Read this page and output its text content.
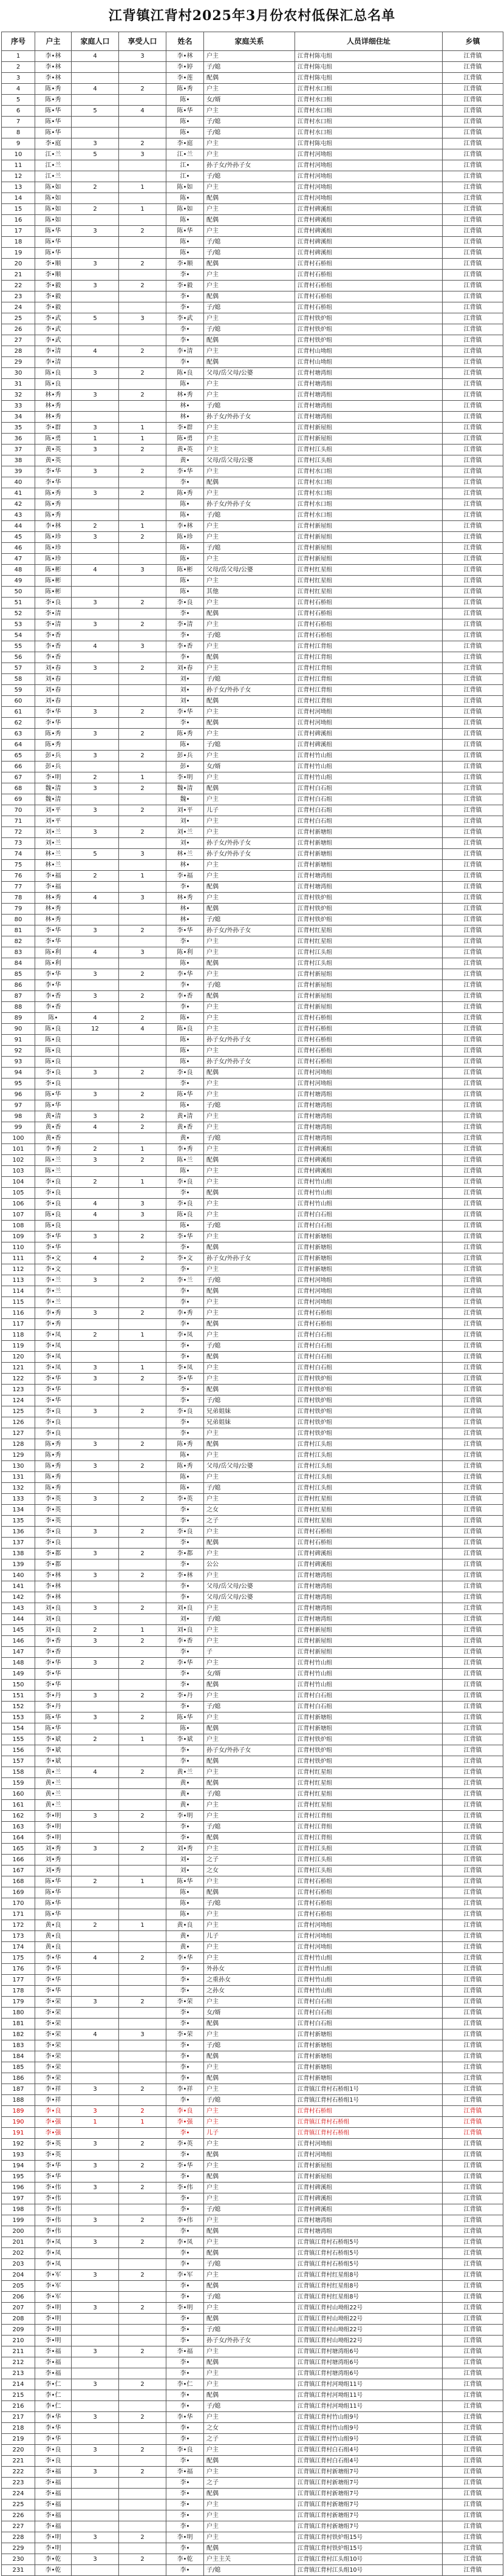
江背镇江背村2025年3月份农村低保汇总名单
序号	户主	家庭人口	享受人口	姓名	家庭关系	人员详细住址	乡镇
1	李•林	4	3	李•林	户主	江背村陈屯组	江背镇
2	李•林			李•婷	子/媳	江背村陈屯组	江背镇
3	李•林			李•莲	配偶	江背村陈屯组	江背镇
4	陈•秀	4	2	陈•秀	户主	江背村水口组	江背镇
5	陈•秀			陈•	女/婿	江背村水口组	江背镇
6	陈•华	5	4	陈•华	户主	江背村水口组	江背镇
7	陈•华			陈•	子/媳	江背村水口组	江背镇
8	陈•华			陈•	子/媳	江背村水口组	江背镇
9	李•庭	3	2	李•庭	户主	江背村陈屯组	江背镇
10	江•兰	5	3	江•兰	户主	江背村河坳组	江背镇
11	江•兰			江•	孙子女/外孙子女	江背村河坳组	江背镇
12	江•兰			江•	子/媳	江背村河坳组	江背镇
13	陈•如	2	1	陈•如	户主	江背村河坳组	江背镇
14	陈•如			陈•	配偶	江背村河坳组	江背镇
15	陈•如	2	1	陈•如	户主	江背村碑溪组	江背镇
16	陈•如			陈•	配偶	江背村碑溪组	江背镇
17	陈•华	3	2	陈•华	户主	江背村碑溪组	江背镇
18	陈•华			陈•	子/媳	江背村碑溪组	江背镇
19	陈•华			陈•	子/媳	江背村碑溪组	江背镇
20	李•顺	3	2	李•顺	配偶	江背村石桥组	江背镇
21	李•顺			李•	户主	江背村石桥组	江背镇
22	李•毅	3	2	李•毅	户主	江背村石桥组	江背镇
23	李•毅			李•	配偶	江背村石桥组	江背镇
24	李•毅			李•	子/媳	江背村石桥组	江背镇
25	李•武	5	3	李•武	户主	江背村铁炉组	江背镇
26	李•武			李•	子/媳	江背村铁炉组	江背镇
27	李•武			李•	配偶	江背村铁炉组	江背镇
28	李•清	4	2	李•清	户主	江背村山坳组	江背镇
29	李•清			李•	配偶	江背村山坳组	江背镇
30	陈•良	3	2	陈•良	父母/岳父母/公婆	江背村塘湾组	江背镇
31	陈•良			陈•	户主	江背村塘湾组	江背镇
32	林•秀	3	2	林•秀	户主	江背村塘湾组	江背镇
33	林•秀			林•	子/媳	江背村塘湾组	江背镇
34	林•秀			林•	孙子女/外孙子女	江背村塘湾组	江背镇
35	李•群	3	1	李•群	户主	江背村新屋组	江背镇
36	陈•勇	1	1	陈•勇	户主	江背村新屋组	江背镇
37	黄•英	3	2	黄•英	户主	江背村江头组	江背镇
38	黄•英			黄•	父母/岳父母/公婆	江背村江头组	江背镇
39	李•华	3	2	李•华	户主	江背村水口组	江背镇
40	李•华			李•	配偶	江背村水口组	江背镇
41	陈•秀	3	2	陈•秀	户主	江背村水口组	江背镇
42	陈•秀			陈•	孙子女/外孙子女	江背村水口组	江背镇
43	陈•秀			陈•	子/媳	江背村水口组	江背镇
44	李•林	2	1	李•林	户主	江背村新屋组	江背镇
45	陈•珍	3	2	陈•珍	户主	江背村新屋组	江背镇
46	陈•珍			陈•	子/媳	江背村新屋组	江背镇
47	陈•珍			陈•	户主	江背村新屋组	江背镇
48	陈•彬	4	3	陈•彬	父母/岳父母/公婆	江背村红星组	江背镇
49	陈•彬			陈•	户主	江背村红星组	江背镇
50	陈•彬			陈•	其他	江背村红星组	江背镇
51	李•良	3	2	李•良	户主	江背村石桥组	江背镇
52	李•清			李•	配偶	江背村石桥组	江背镇
53	李•清	3	2	李•清	户主	江背村石桥组	江背镇
54	李•香			李•	子/媳	江背村石桥组	江背镇
55	李•香	4	3	李•香	户主	江背村江背组	江背镇
56	李•香			李•	配偶	江背村江背组	江背镇
57	刘•春	3	2	刘•春	户主	江背村江背组	江背镇
58	刘•春			刘•	子/媳	江背村江背组	江背镇
59	刘•春			刘•	孙子女/外孙子女	江背村江背组	江背镇
60	刘•春			刘•	配偶	江背村江背组	江背镇
61	李•华	3	2	李•华	户主	江背村河坳组	江背镇
62	李•华			李•	配偶	江背村河坳组	江背镇
63	陈•秀	3	2	陈•秀	户主	江背村碑溪组	江背镇
64	陈•秀			陈•	子/媳	江背村碑溪组	江背镇
65	彭•兵	3	2	彭•兵	户主	江背村竹山组	江背镇
66	彭•兵			彭•	女/婿	江背村竹山组	江背镇
67	李•明	2	1	李•明	户主	江背村竹山组	江背镇
68	魏•清	3	2	魏•清	配偶	江背村白石组	江背镇
69	魏•清			魏•	户主	江背村白石组	江背镇
70	刘•平	3	2	刘•平	儿子	江背村白石组	江背镇
71	刘•平			刘•	户主	江背村白石组	江背镇
72	刘•兰	3	2	刘•兰	户主	江背村新塘组	江背镇
73	刘•兰			刘•	孙子女/外孙子女	江背村新塘组	江背镇
74	林•兰	5	3	林•兰	孙子女/外孙子女	江背村新塘组	江背镇
75	林•兰			林•	户主	江背村新塘组	江背镇
76	李•福	2	1	李•福	户主	江背村塘湾组	江背镇
77	李•福			李•	配偶	江背村塘湾组	江背镇
78	林•秀	4	3	林•秀	户主	江背村铁炉组	江背镇
79	林•秀			林•	配偶	江背村铁炉组	江背镇
80	林•秀			林•	子/媳	江背村铁炉组	江背镇
81	李•华	3	2	李•华	孙子女/外孙子女	江背村红星组	江背镇
82	李•华			李•	户主	江背村红星组	江背镇
83	陈•利	4	3	陈•利	户主	江背村江头组	江背镇
84	陈•利			陈•	配偶	江背村江头组	江背镇
85	李•华	3	2	李•华	户主	江背村新屋组	江背镇
86	李•华			李•	子/媳	江背村新屋组	江背镇
87	李•香	3	2	李•香	配偶	江背村新屋组	江背镇
88	李•香			李•	户主	江背村新屋组	江背镇
89	陈•	4	2	陈•	户主	江背村石桥组	江背镇
90	陈•良	12	4	陈•良	户主	江背村石桥组	江背镇
91	陈•良			陈•	孙子女/外孙子女	江背村石桥组	江背镇
92	陈•良			陈•	户主	江背村石桥组	江背镇
93	陈•良			陈•	孙子女/外孙子女	江背村石桥组	江背镇
94	李•良	3	2	李•良	配偶	江背村河坳组	江背镇
95	李•良			李•	户主	江背村河坳组	江背镇
96	陈•华	3	2	陈•华	户主	江背村塘湾组	江背镇
97	陈•华			陈•	子/媳	江背村塘湾组	江背镇
98	黄•清	3	2	黄•清	户主	江背村塘湾组	江背镇
99	黄•香	4	2	黄•香	户主	江背村塘湾组	江背镇
100	黄•香			黄•	子/媳	江背村塘湾组	江背镇
101	李•秀	2	1	李•秀	户主	江背村碑溪组	江背镇
102	陈•兰	3	2	陈•兰	配偶	江背村碑溪组	江背镇
103	陈•兰			陈•	户主	江背村碑溪组	江背镇
104	李•良	2	1	李•良	户主	江背村竹山组	江背镇
105	李•良			李•	配偶	江背村竹山组	江背镇
106	李•良	4	3	李•良	户主	江背村竹山组	江背镇
107	陈•良	4	3	陈•良	户主	江背村白石组	江背镇
108	陈•良			陈•	子/媳	江背村白石组	江背镇
109	李•华	3	2	李•华	户主	江背村新塘组	江背镇
110	李•华			李•	配偶	江背村新塘组	江背镇
111	李•文	4	2	李•文	孙子女/外孙子女	江背村新塘组	江背镇
112	李•文			李•	户主	江背村新塘组	江背镇
113	李•兰	3	2	李•兰	子/媳	江背村河坳组	江背镇
114	李•兰			李•	配偶	江背村河坳组	江背镇
115	李•兰			李•	户主	江背村河坳组	江背镇
116	李•秀	3	2	李•秀	户主	江背村石桥组	江背镇
117	李•秀			李•	配偶	江背村石桥组	江背镇
118	李•凤	2	1	李•凤	户主	江背村白石组	江背镇
119	李•凤			李•	子/媳	江背村白石组	江背镇
120	李•凤			李•	配偶	江背村白石组	江背镇
121	李•凤	3	1	李•凤	户主	江背村白石组	江背镇
122	李•华	3	2	李•华	户主	江背村铁炉组	江背镇
123	李•华			李•	配偶	江背村铁炉组	江背镇
124	李•华			李•	子/媳	江背村铁炉组	江背镇
125	李•良	3	2	李•良	兄弟姐妹	江背村铁炉组	江背镇
126	李•良			李•	兄弟姐妹	江背村铁炉组	江背镇
127	李•良			李•	户主	江背村铁炉组	江背镇
128	陈•秀	3	2	陈•秀	配偶	江背村江头组	江背镇
129	陈•秀			陈•	户主	江背村江头组	江背镇
130	陈•秀	3	2	陈•秀	父母/岳父母/公婆	江背村江头组	江背镇
131	陈•秀			陈•	户主	江背村江头组	江背镇
132	陈•秀			陈•	子/媳	江背村江头组	江背镇
133	李•英	3	2	李•英	户主	江背村红星组	江背镇
134	李•英			李•	之女	江背村红星组	江背镇
135	李•英			李•	之子	江背村红星组	江背镇
136	李•良	3	2	李•良	户主	江背村石桥组	江背镇
137	李•良			李•	配偶	江背村石桥组	江背镇
138	李•都	3	2	李•都	户主	江背村碑溪组	江背镇
139	李•都			李•	公公	江背村碑溪组	江背镇
140	李•林	3	2	李•林	户主	江背村塘湾组	江背镇
141	李•林			李•	父母/岳父母/公婆	江背村塘湾组	江背镇
142	李•林			李•	父母/岳父母/公婆	江背村塘湾组	江背镇
143	刘•良	3	2	刘•良	户主	江背村塘湾组	江背镇
144	刘•良			刘•	子/媳	江背村塘湾组	江背镇
145	刘•良	2	1	刘•良	户主	江背村新屋组	江背镇
146	李•香	3	2	李•香	户主	江背村新屋组	江背镇
147	李•香			李•	子	江背村新屋组	江背镇
148	李•华	3	2	李•华	户主	江背村竹山组	江背镇
149	李•华			李•	女/婿	江背村竹山组	江背镇
150	李•华			李•	配偶	江背村竹山组	江背镇
151	李•丹	3	2	李•丹	户主	江背村白石组	江背镇
152	李•丹			李•	子/媳	江背村白石组	江背镇
153	陈•华	3	2	陈•华	户主	江背村新塘组	江背镇
154	陈•华			陈•	配偶	江背村新塘组	江背镇
155	李•斌	2	1	李•斌	户主	江背村铁炉组	江背镇
156	李•斌			李•	孙子女/外孙子女	江背村铁炉组	江背镇
157	李•斌			李•	配偶	江背村铁炉组	江背镇
158	黄•兰	4	2	黄•兰	户主	江背村红星组	江背镇
159	黄•兰			黄•	配偶	江背村红星组	江背镇
160	黄•兰			黄•	子/媳	江背村红星组	江背镇
161	黄•兰			黄•	户主	江背村红星组	江背镇
162	李•明	3	2	李•明	户主	江背村江背组	江背镇
163	李•明			李•	子/媳	江背村江背组	江背镇
164	李•明			李•	配偶	江背村江背组	江背镇
165	刘•秀	3	2	刘•秀	户主	江背村江头组	江背镇
166	刘•秀			刘•	之子	江背村江头组	江背镇
167	刘•秀			刘•	之女	江背村江头组	江背镇
168	陈•华	2	1	陈•华	户主	江背村石桥组	江背镇
169	陈•华			陈•	配偶	江背村石桥组	江背镇
170	陈•华			陈•	子/媳	江背村石桥组	江背镇
171	陈•华			陈•	户主	江背村石桥组	江背镇
172	黄•良	2	1	黄•良	户主	江背村河坳组	江背镇
173	黄•良			黄•	儿子	江背村河坳组	江背镇
174	黄•良			黄•	户主	江背村河坳组	江背镇
175	李•华	4	2	李•华	户主	江背村竹山组	江背镇
176	李•华			李•	外孙女	江背村竹山组	江背镇
177	李•华			李•	之重孙女	江背村竹山组	江背镇
178	李•华			李•	之孙女	江背村竹山组	江背镇
179	李•荣	3	2	李•荣	户主	江背村白石组	江背镇
180	李•荣			李•	女/婿	江背村白石组	江背镇
181	李•荣			李•	配偶	江背村白石组	江背镇
182	李•荣	4	3	李•荣	户主	江背村新塘组	江背镇
183	李•荣			李•	子/媳	江背村新塘组	江背镇
184	李•荣			李•	配偶	江背村新塘组	江背镇
185	李•荣			李•	户主	江背村新塘组	江背镇
186	李•荣			李•	配偶	江背村新塘组	江背镇
187	李•祥	3	2	李•祥	户主	江背镇江背村石桥组1号	江背镇
188	李•祥			李•	子/媳	江背镇江背村石桥组1号	江背镇
189	李•良	3	2	李•良	户主	江背村石桥组	江背镇
190	李•强	1	1	李•强	户主	江背镇江背村石桥组	江背镇
191	李•强			李•	儿子	江背镇江背村石桥组	江背镇
192	李•英	3	2	李•英	户主	江背村河坳组	江背镇
193	李•英			李•	配偶	江背村河坳组	江背镇
194	李•华	3	2	李•华	户主	江背村新屋组	江背镇
195	李•华			李•	配偶	江背村新屋组	江背镇
196	李•伟	3	2	李•伟	户主	江背村碑溪组	江背镇
197	李•伟			李•	户主	江背村碑溪组	江背镇
198	李•伟			李•	子/媳	江背村碑溪组	江背镇
199	李•伟	3	2	李•伟	户主	江背村塘湾组	江背镇
200	李•伟			李•	配偶	江背村塘湾组	江背镇
201	李•凤	3	2	李•凤	户主	江背镇江背村石桥组5号	江背镇
202	李•凤			李•	配偶	江背镇江背村石桥组5号	江背镇
203	李•凤			李•	子/媳	江背镇江背村石桥组5号	江背镇
204	李•军	3	2	李•军	户主	江背镇江背村红星组8号	江背镇
205	李•军			李•	配偶	江背镇江背村红星组8号	江背镇
206	李•军			李•	子/媳	江背镇江背村红星组8号	江背镇
207	李•明	3	2	李•明	户主	江背镇江背村山坳组22号	江背镇
208	李•明			李•	配偶	江背镇江背村山坳组22号	江背镇
209	李•明			李•	子/媳	江背镇江背村山坳组22号	江背镇
210	李•明			李•	孙子女/外孙子女	江背镇江背村山坳组22号	江背镇
211	李•福	3	2	李•福	户主	江背镇江背村塘湾组6号	江背镇
212	李•福			李•	配偶	江背镇江背村塘湾组6号	江背镇
213	李•福			李•	户主	江背镇江背村塘湾组6号	江背镇
214	李•仁	3	2	李•仁	户主	江背镇江背村河坳组11号	江背镇
215	李•仁			李•	配偶	江背镇江背村河坳组11号	江背镇
216	李•仁			李•	子/媳	江背镇江背村河坳组11号	江背镇
217	李•华	3	2	李•华	户主	江背镇江背村竹山组9号	江背镇
218	李•华			李•	之女	江背镇江背村竹山组9号	江背镇
219	李•华			李•	之子	江背镇江背村竹山组9号	江背镇
220	李•良	3	2	李•良	户主	江背镇江背村白石组4号	江背镇
221	李•良			李•	配偶	江背镇江背村白石组4号	江背镇
222	李•福	3	2	李•福	户主	江背镇江背村新塘组7号	江背镇
223	李•福			李•	之子	江背镇江背村新塘组7号	江背镇
224	李•福			李•	配偶	江背镇江背村新塘组7号	江背镇
225	李•福			李•	户主	江背镇江背村新塘组7号	江背镇
226	李•福			李•	户主	江背镇江背村新塘组7号	江背镇
227	李•福			李•	户主	江背镇江背村新塘组7号	江背镇
228	李•明	3	2	李•明	户主	江背镇江背村铁炉组15号	江背镇
229	李•明			李•	配偶	江背镇江背村铁炉组15号	江背镇
230	李•乾	3	2	李•乾	户主主关	江背镇江背村江头组10号	江背镇
231	李•乾			李•	子/媳	江背镇江背村江头组10号	江背镇
